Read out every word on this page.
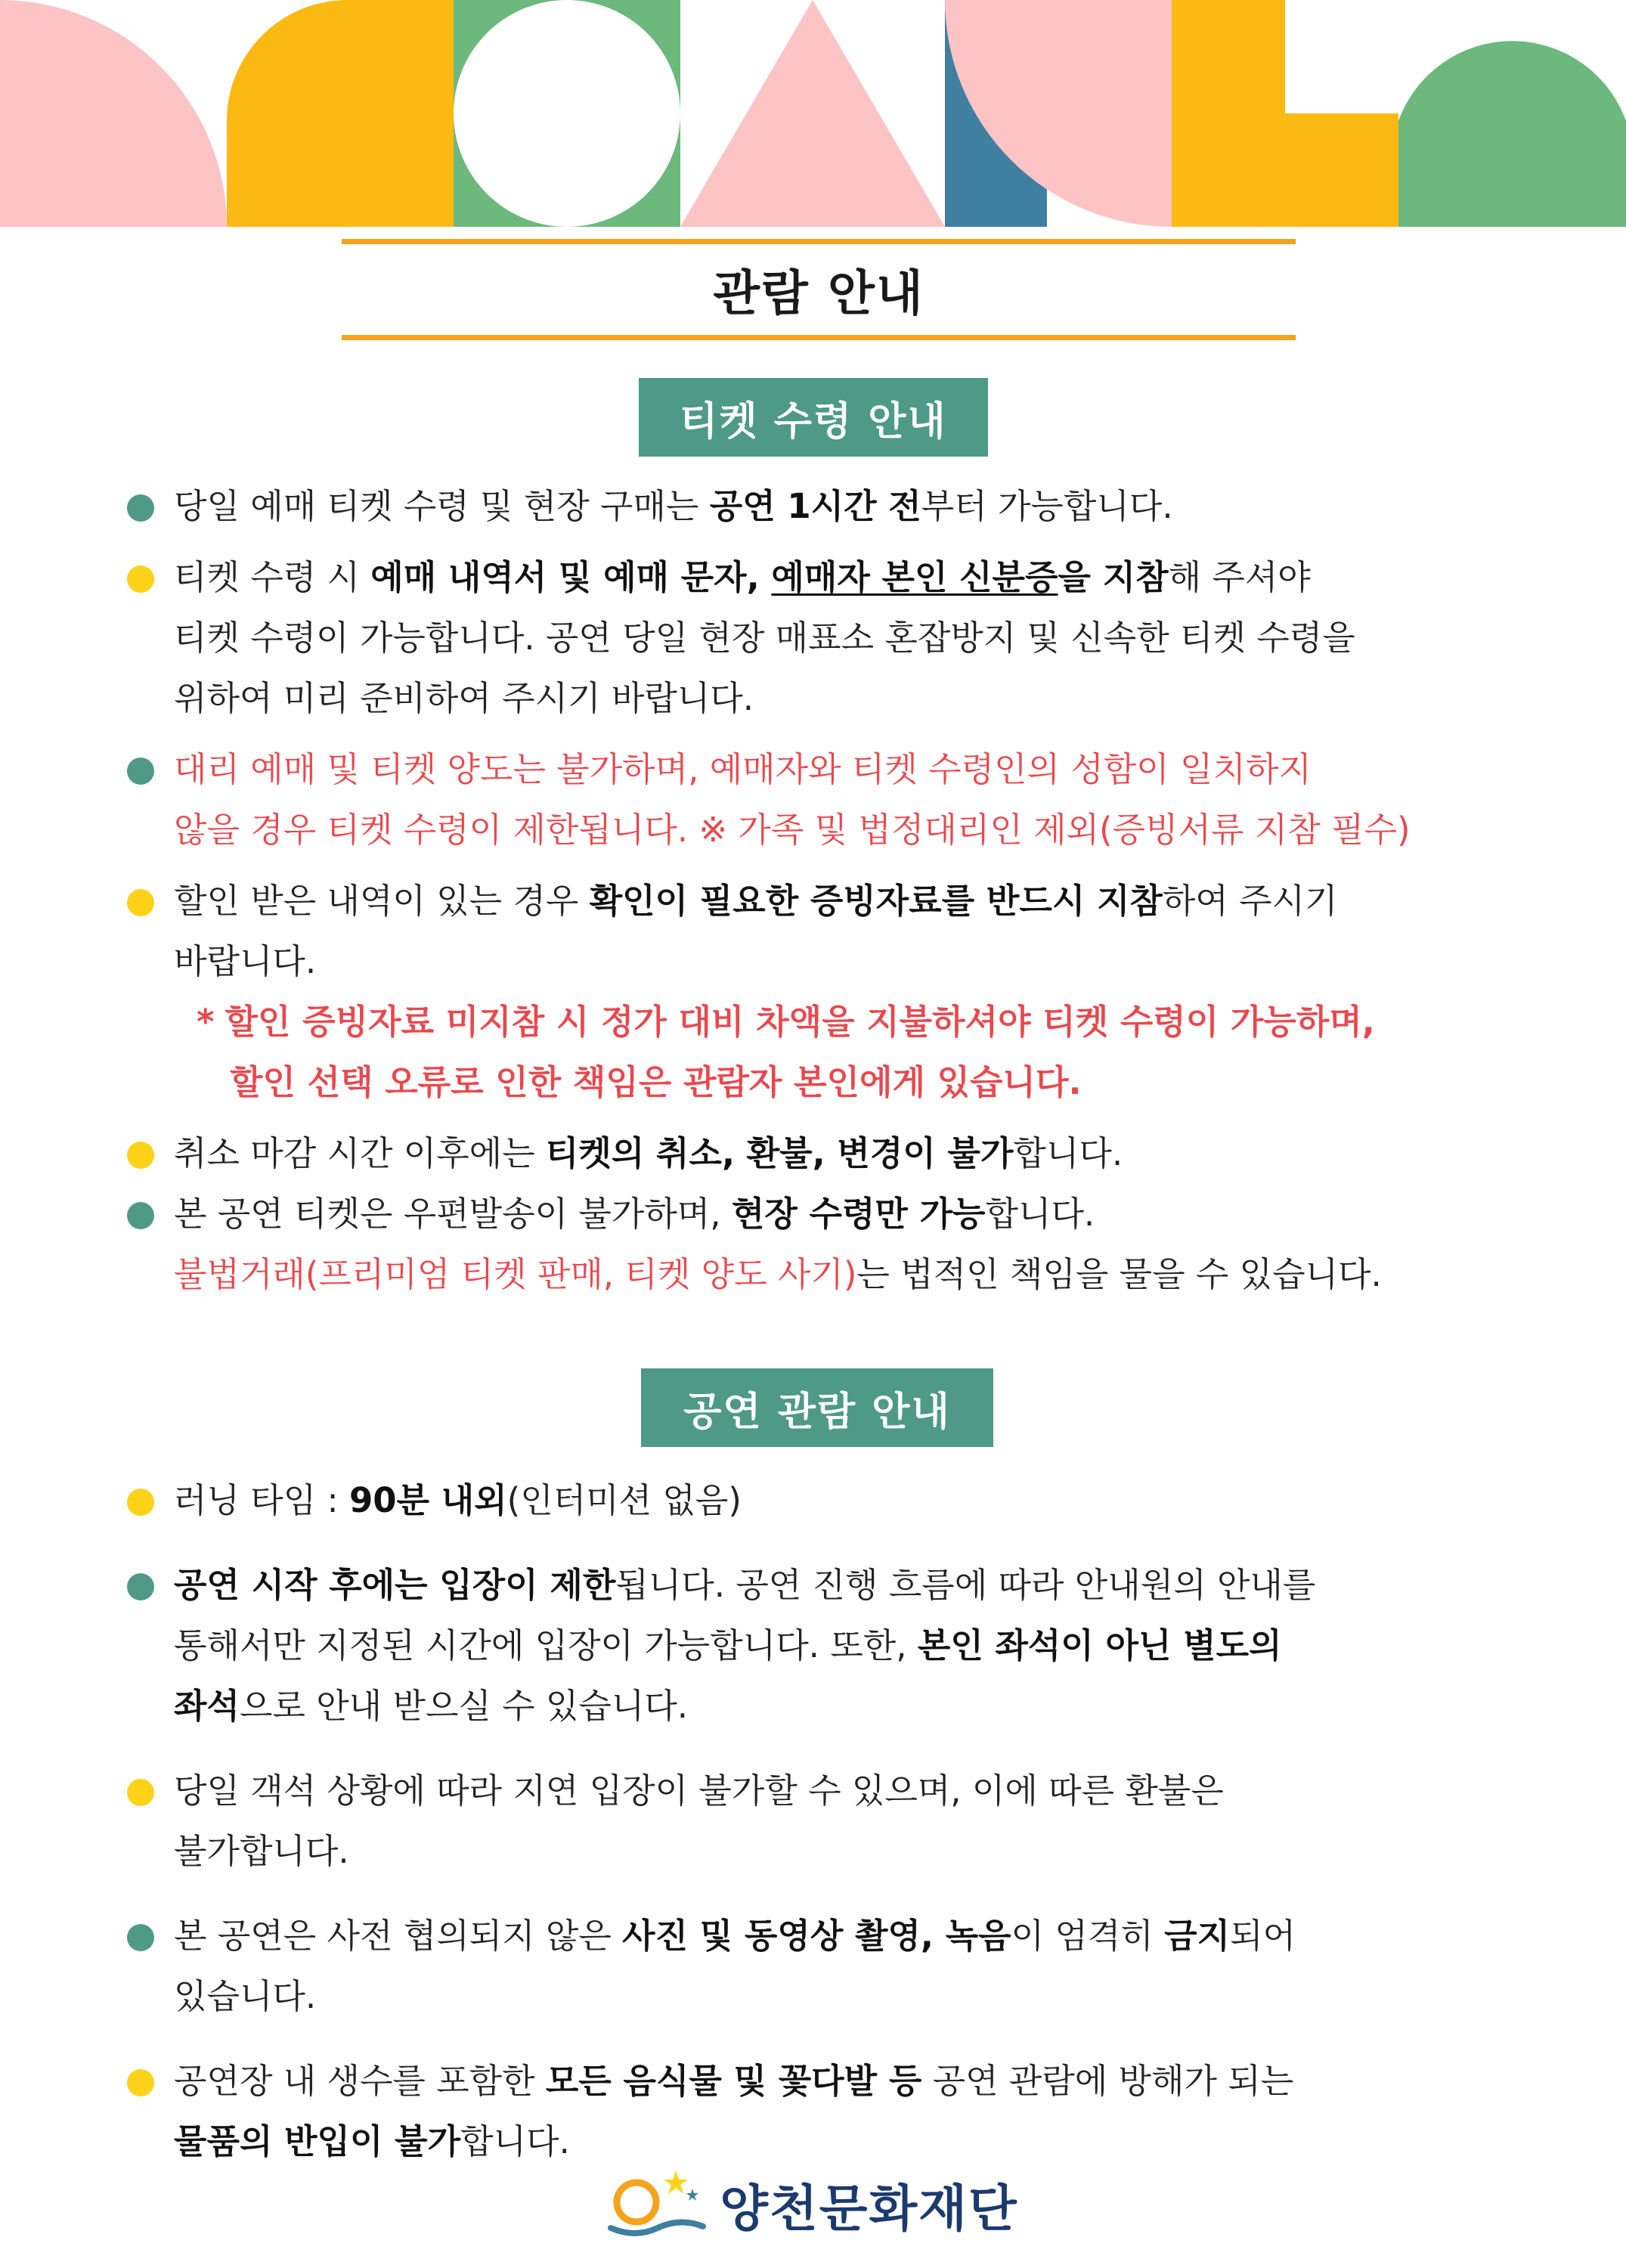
관람 안내
티켓 수령 안내
당일 예매 티켓 수령 및 현장 구매는 공연 1시간 전부터 가능합니다.
티켓 수령 시 예매 내역서 및 예매 문자, 예매자 본인 신분증을 지참해 주셔야
티켓 수령이 가능합니다. 공연 당일 현장 매표소 혼잡방지 및 신속한 티켓 수령을
위하여 미리 준비하여 주시기 바랍니다.
대리 예매 및 티켓 양도는 불가하며, 예매자와 티켓 수령인의 성함이 일치하지
않을 경우 티켓 수령이 제한됩니다. ※ 가족 및 법정대리인 제외(증빙서류 지참 필수)
할인 받은 내역이 있는 경우 확인이 필요한 증빙자료를 반드시 지참하여 주시기
바랍니다.
* 할인 증빙자료 미지참 시 정가 대비 차액을 지불하셔야 티켓 수령이 가능하며,
할인 선택 오류로 인한 책임은 관람자 본인에게 있습니다.
취소 마감 시간 이후에는 티켓의 취소, 환불, 변경이 불가합니다.
본 공연 티켓은 우편발송이 불가하며, 현장 수령만 가능합니다.
불법거래(프리미엄 티켓 판매, 티켓 양도 사기)는 법적인 책임을 물을 수 있습니다.
공연 관람 안내
러닝 타임 : 90분 내외(인터미션 없음)
공연 시작 후에는 입장이 제한됩니다. 공연 진행 흐름에 따라 안내원의 안내를
통해서만 지정된 시간에 입장이 가능합니다. 또한, 본인 좌석이 아닌 별도의
좌석으로 안내 받으실 수 있습니다.
당일 객석 상황에 따라 지연 입장이 불가할 수 있으며, 이에 따른 환불은
불가합니다.
본 공연은 사전 협의되지 않은 사진 및 동영상 촬영, 녹음이 엄격히 금지되어
있습니다.
공연장 내 생수를 포함한 모든 음식물 및 꽃다발 등 공연 관람에 방해가 되는
물품의 반입이 불가합니다.
양천문화재단
